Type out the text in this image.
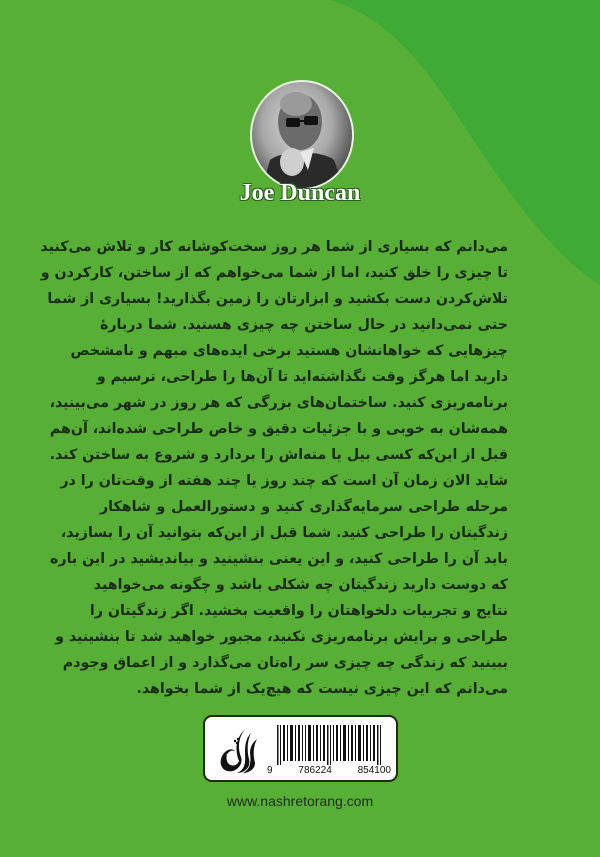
Joe Duncan
می‌دانم که بسیاری از شما هر روز سخت‌کوشانه کار و تلاش می‌کنید
تا چیزی را خلق کنید، اما از شما می‌خواهم که از ساختن، کارکردن و
تلاش‌کردن دست بکشید و ابزارتان را زمین بگذارید! بسیاری از شما
حتی نمی‌دانید در حال ساختن چه چیزی هستید. شما دربارهٔ
چیزهایی که خواهانشان هستید برخی ایده‌های مبهم و نامشخص
دارید اما هرگز وقت نگذاشته‌اید تا آن‌ها را طراحی، ترسیم و
برنامه‌ریزی کنید. ساختمان‌های بزرگی که هر روز در شهر می‌بینید،
همه‌شان به خوبی و با جزئیات دقیق و خاص طراحی شده‌اند، آن‌هم
قبل از این‌که کسی بیل یا مته‌اش را بردارد و شروع به ساختن کند.
شاید الان زمان آن است که چند روز یا چند هفته از وقت‌تان را در
مرحله طراحی سرمایه‌گذاری کنید و دستورالعمل و شاهکار
زندگیتان را طراحی کنید. شما قبل از این‌که بتوانید آن را بسازید،
باید آن را طراحی کنید، و این یعنی بنشینید و بیاندیشید در این باره
که دوست دارید زندگیتان چه شکلی باشد و چگونه می‌خواهید
نتایج و تجربیات دلخواهتان را واقعیت بخشید. اگر زندگیتان را
طراحی و برایش برنامه‌ریزی نکنید، مجبور خواهید شد تا بنشینید و
ببینید که زندگی چه چیزی سر راه‌تان می‌گذارد و از اعماق وجودم
می‌دانم که این چیزی نیست که هیچ‌یک از شما بخواهد.
9	786224	854100
www.nashretorang.com
